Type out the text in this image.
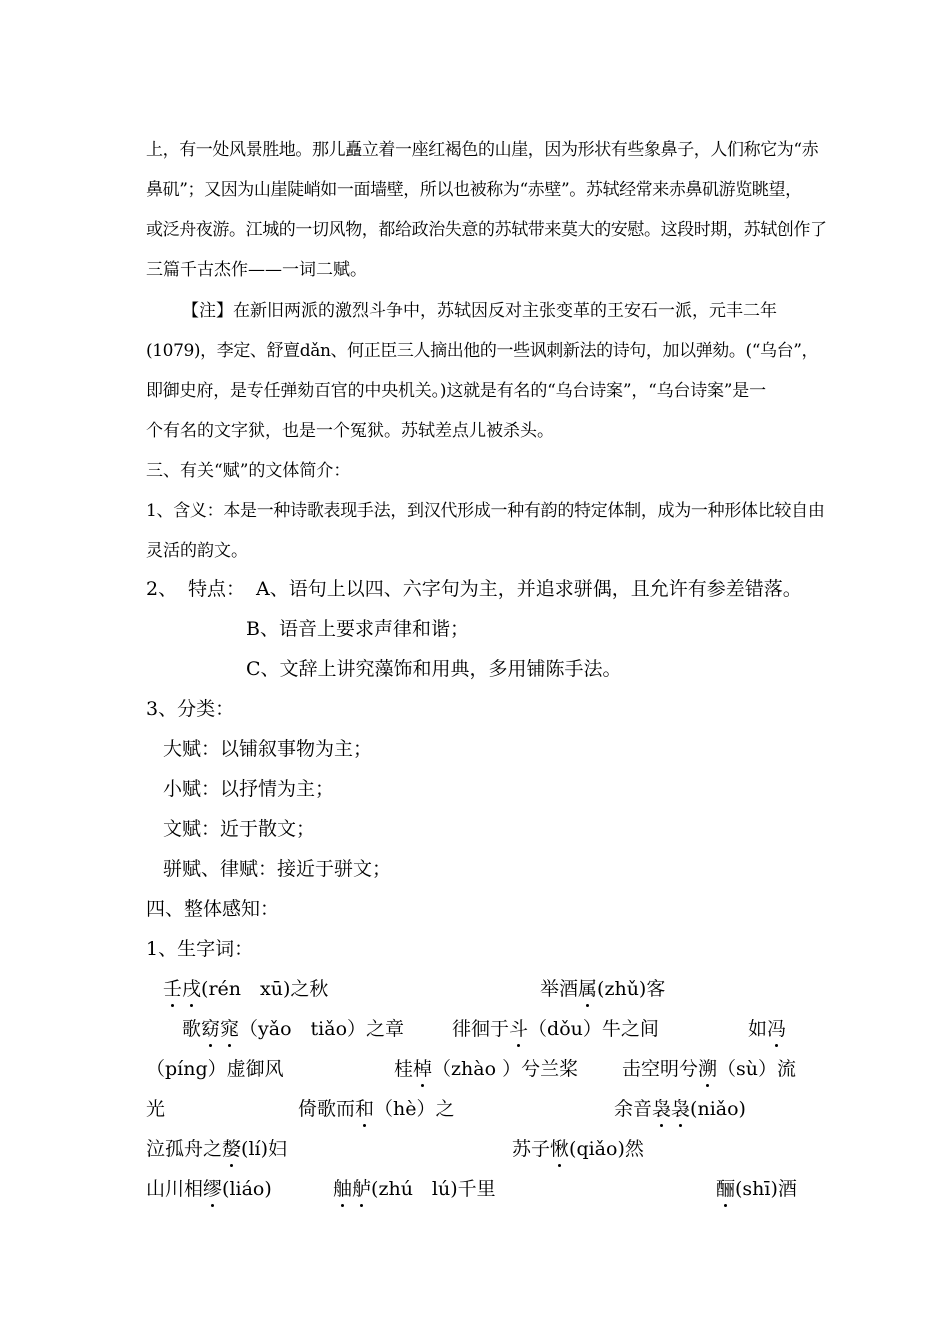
上，有一处风景胜地。那儿矗立着一座红褐色的山崖，因为形状有些象鼻子，人们称它为“赤
鼻矶”；又因为山崖陡峭如一面墙壁，所以也被称为“赤壁”。苏轼经常来赤鼻矶游览眺望，
或泛舟夜游。江城的一切风物，都给政治失意的苏轼带来莫大的安慰。这段时期，苏轼创作了
三篇千古杰作——一词二赋。
【注】在新旧两派的激烈斗争中，苏轼因反对主张变革的王安石一派，元丰二年
(1079)，李定、舒亶dǎn、何正臣三人摘出他的一些讽刺新法的诗句，加以弹劾。(“乌台”，
即御史府，是专任弹劾百官的中央机关。)这就是有名的“乌台诗案”，“乌台诗案”是一
个有名的文字狱，也是一个冤狱。苏轼差点儿被杀头。
三、有关“赋”的文体简介：
1、含义：本是一种诗歌表现手法，到汉代形成一种有韵的特定体制，成为一种形体比较自由
灵活的韵文。
2、 特点： A、语句上以四、六字句为主，并追求骈偶，且允许有参差错落。
B、语音上要求声律和谐；
C、文辞上讲究藻饰和用典，多用铺陈手法。
3、分类：
大赋：以铺叙事物为主；
小赋：以抒情为主；
文赋：近于散文；
骈赋、律赋：接近于骈文；
四、整体感知：
1、生字词：
壬戌(rén　xū)之秋	举酒属(zhǔ)客
歌窈窕（yǎo　tiǎo）之章	徘徊于斗（dǒu）牛之间	如冯
（píng）虚御风	桂棹（zhào ）兮兰桨 击空明兮溯（sù）流
光	倚歌而和（hè）之	余音袅袅(niǎo)
泣孤舟之嫠(lí)妇	苏子愀(qiǎo)然
山川相缪(liáo)	舳舻(zhú　lú)千里	酾(shī)酒
